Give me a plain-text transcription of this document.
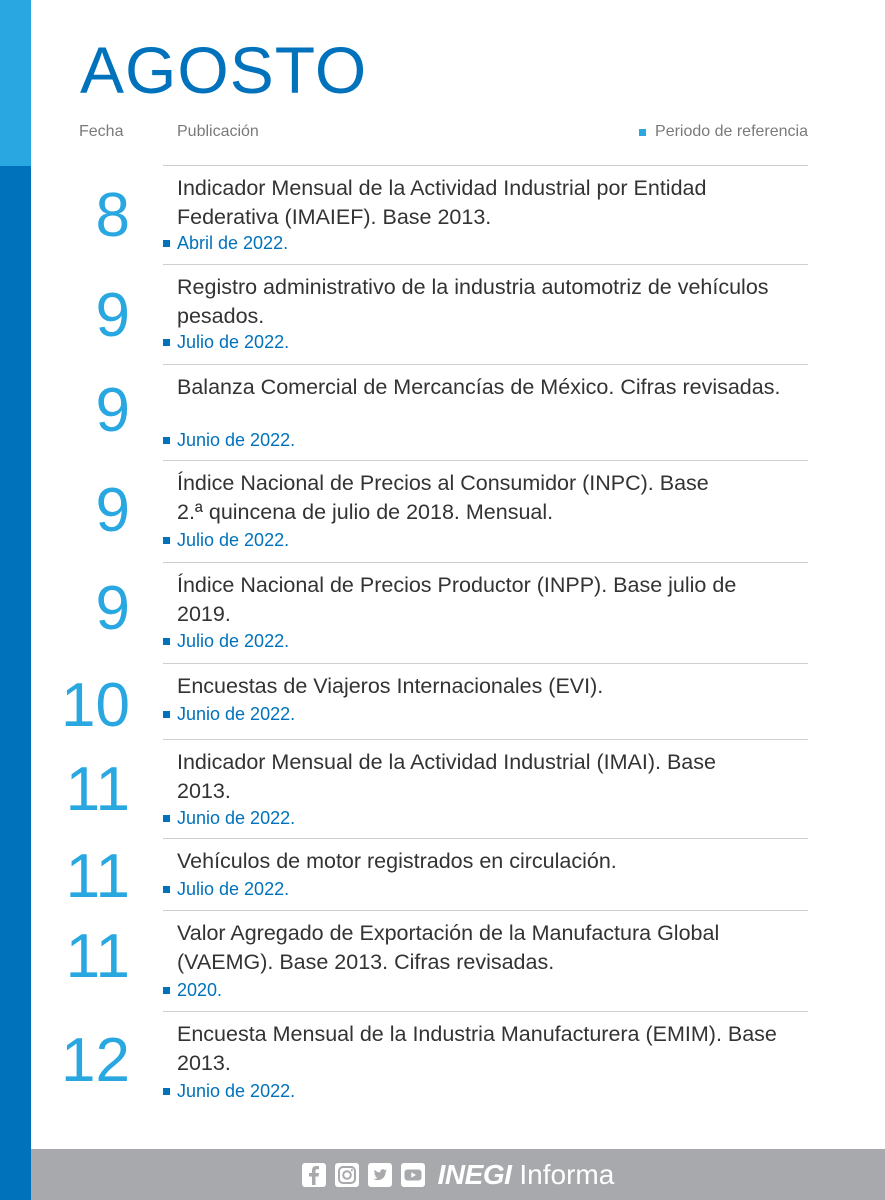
AGOSTO
Fecha	Publicación	Periodo de referencia
8 Indicador Mensual de la Actividad Industrial por Entidad Federativa (IMAIEF). Base 2013.
Abril de 2022.
9 Registro administrativo de la industria automotriz de vehículos pesados.
Julio de 2022.
9 Balanza Comercial de Mercancías de México. Cifras revisadas.
Junio de 2022.
9 Índice Nacional de Precios al Consumidor (INPC). Base 2.ª quincena de julio de 2018. Mensual.
Julio de 2022.
9 Índice Nacional de Precios Productor (INPP). Base julio de 2019.
Julio de 2022.
10 Encuestas de Viajeros Internacionales (EVI).
Junio de 2022.
11 Indicador Mensual de la Actividad Industrial (IMAI). Base 2013.
Junio de 2022.
11 Vehículos de motor registrados en circulación.
Julio de 2022.
11 Valor Agregado de Exportación de la Manufactura Global (VAEMG). Base 2013. Cifras revisadas.
2020.
12 Encuesta Mensual de la Industria Manufacturera (EMIM). Base 2013.
Junio de 2022.
INEGI Informa
